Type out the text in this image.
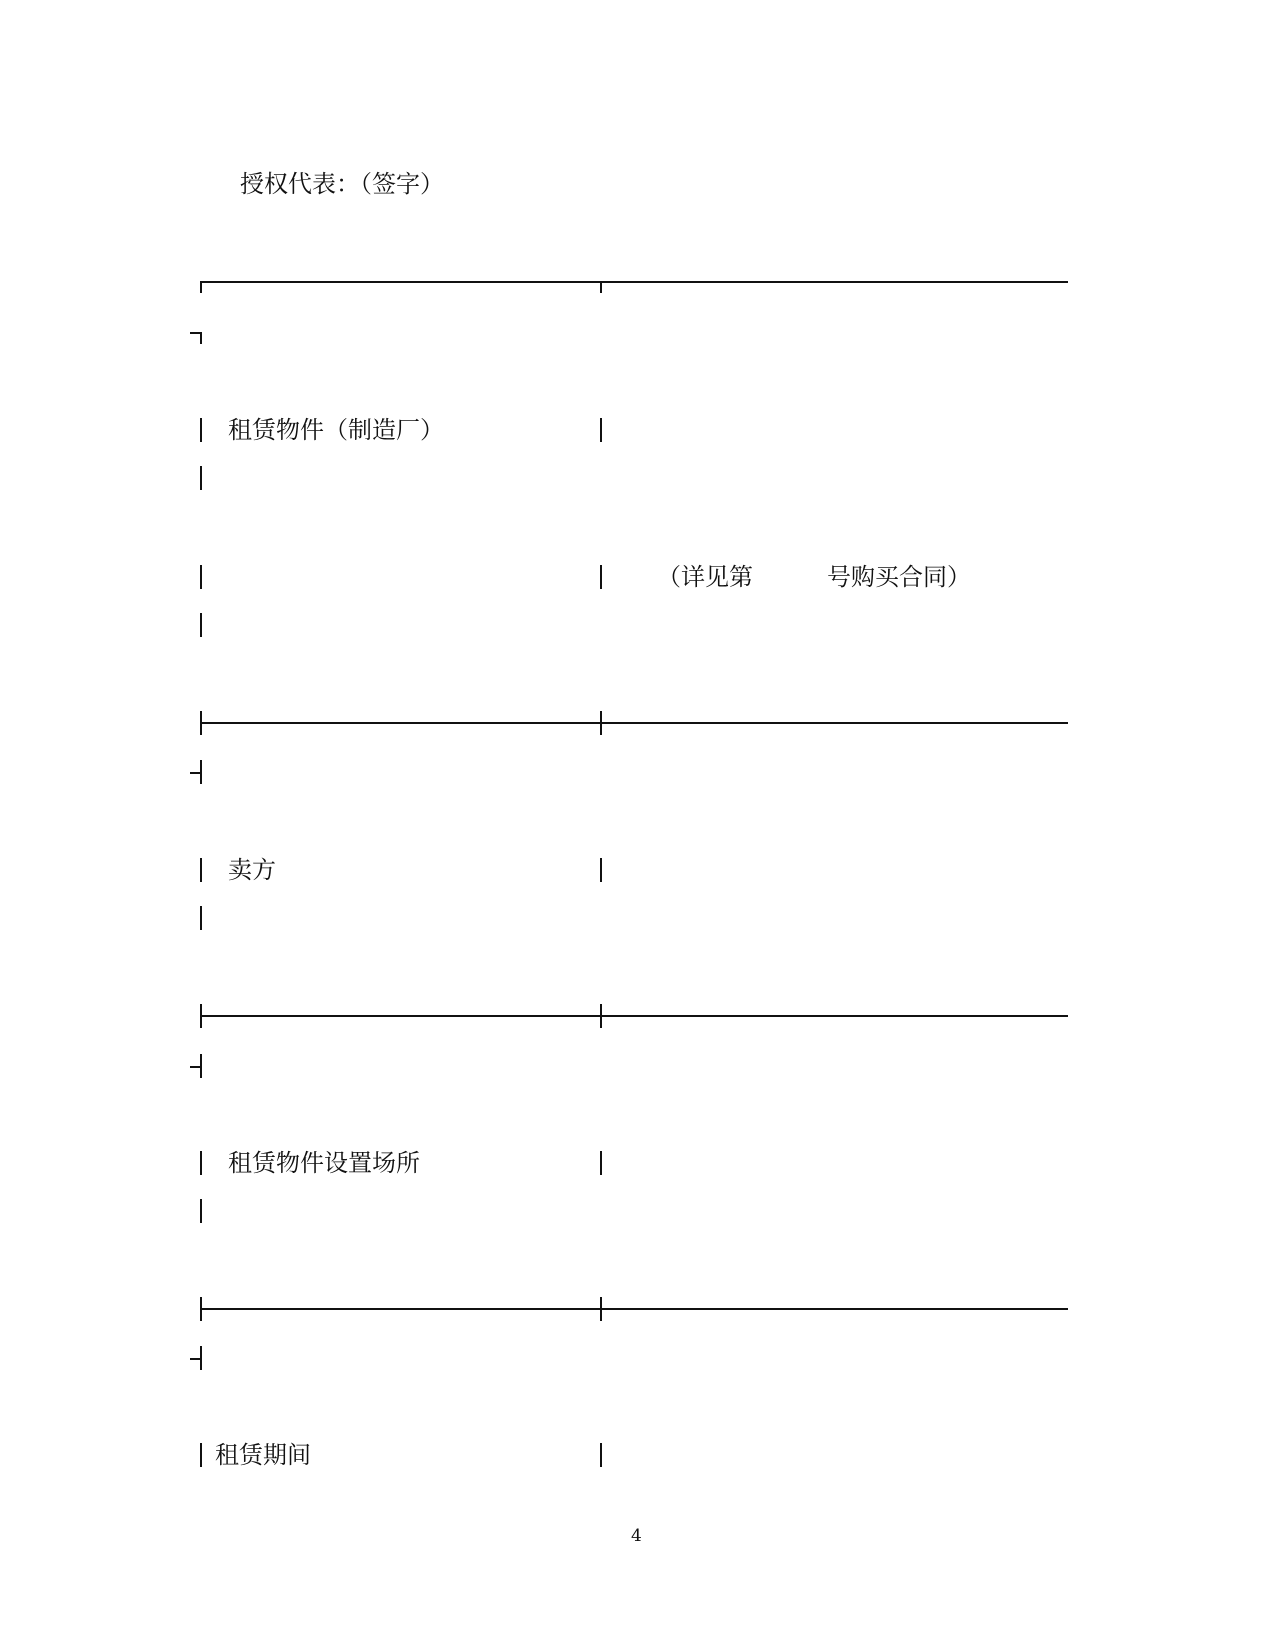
授权代表：（签字）
租赁物件（制造厂）
（详见第	号购买合同）
卖方
租赁物件设置场所
租赁期间
4
